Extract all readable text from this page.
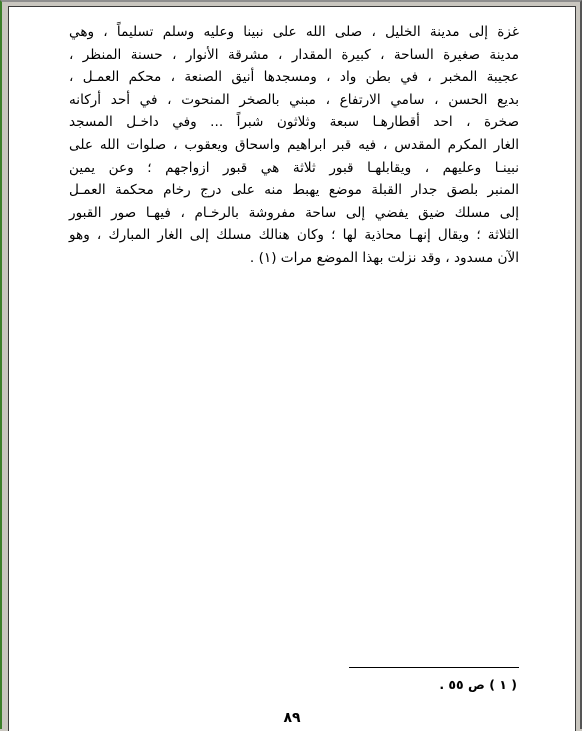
غزة إلى مدينة الخليل ، صلى الله على نبينا وعليه وسلم تسليماً ، وهي
مدينة صغيرة الساحة ، كبيرة المقدار ، مشرقة الأنوار ، حسنة المنظر ،
عجيبة المخبر ، في بطن واد ، ومسجدها أنيق الصنعة ، محكم العمـل ،
بديع الحسن ، سامي الارتفاع ، مبني بالصخر المنحوت ، في أحد أركانه
صخرة ، احد أقطارهـا سبعة وثلاثون شبراً ... وفي داخـل المسجد
الغار المكرم المقدس ، فيه قبر ابراهيم واسحاق ويعقوب ، صلوات الله على
نبينـا وعليهم ، ويقابلهـا قبور ثلاثة هي قبور ازواجهم ؛ وعن يمين
المنبر بلصق جدار القبلة موضع يهبط منه على درج رخام محكمة العمـل
إلى مسلك ضيق يفضي إلى ساحة مفروشة بالرخـام ، فيهـا صور القبور
الثلاثة ؛ ويقال إنهـا محاذية لها ؛ وكان هنالك مسلك إلى الغار المبارك ، وهو
الآن مسدود ، وقد نزلت بهذا الموضع مرات (١) .
( ١ ) ص ٥٥ .
٨٩
